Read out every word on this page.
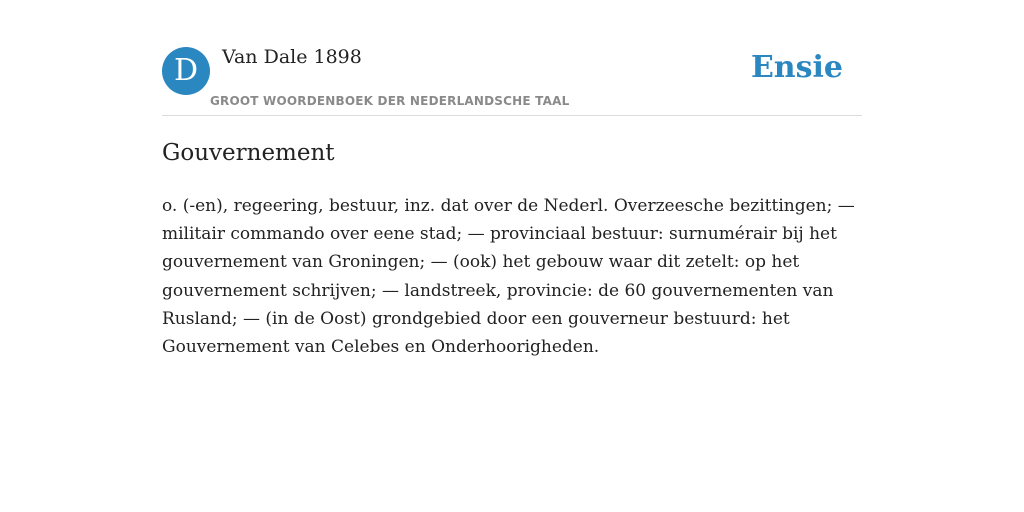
D	Van Dale 1898
GROOT WOORDENBOEK DER NEDERLANDSCHE TAAL
Ensie
Gouvernement

o. (-en), regeering, bestuur, inz. dat over de Nederl. Overzeesche bezittingen; — militair commando over eene stad; — provinciaal bestuur: surnumérair bij het gouvernement van Groningen; — (ook) het gebouw waar dit zetelt: op het gouvernement schrijven; — landstreek, provincie: de 60 gouvernementen van Rusland; — (in de Oost) grondgebied door een gouverneur bestuurd: het Gouvernement van Celebes en Onderhoorigheden.
